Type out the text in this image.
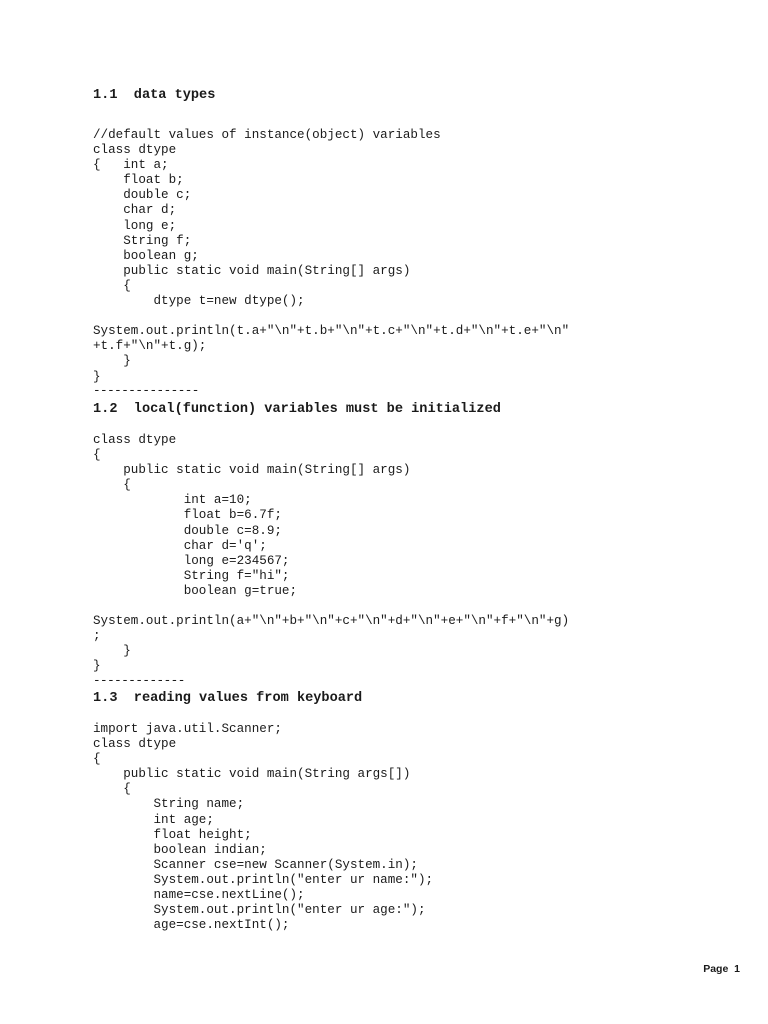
1.1  data types
//default values of instance(object) variables
class dtype
{   int a;
float b;
double c;
char d;
long e;
String f;
boolean g;
public static void main(String[] args)
{
dtype t=new dtype();

System.out.println(t.a+"\n"+t.b+"\n"+t.c+"\n"+t.d+"\n"+t.e+"\n"
+t.f+"\n"+t.g);
}
}
---------------
1.2  local(function) variables must be initialized
class dtype
{
public static void main(String[] args)
{
int a=10;
float b=6.7f;
double c=8.9;
char d='q';
long e=234567;
String f="hi";
boolean g=true;

System.out.println(a+"\n"+b+"\n"+c+"\n"+d+"\n"+e+"\n"+f+"\n"+g)
;
}
}
-------------
1.3  reading values from keyboard
import java.util.Scanner;
class dtype
{
public static void main(String args[])
{
String name;
int age;
float height;
boolean indian;
Scanner cse=new Scanner(System.in);
System.out.println("enter ur name:");
name=cse.nextLine();
System.out.println("enter ur age:");
age=cse.nextInt();
Page  1
